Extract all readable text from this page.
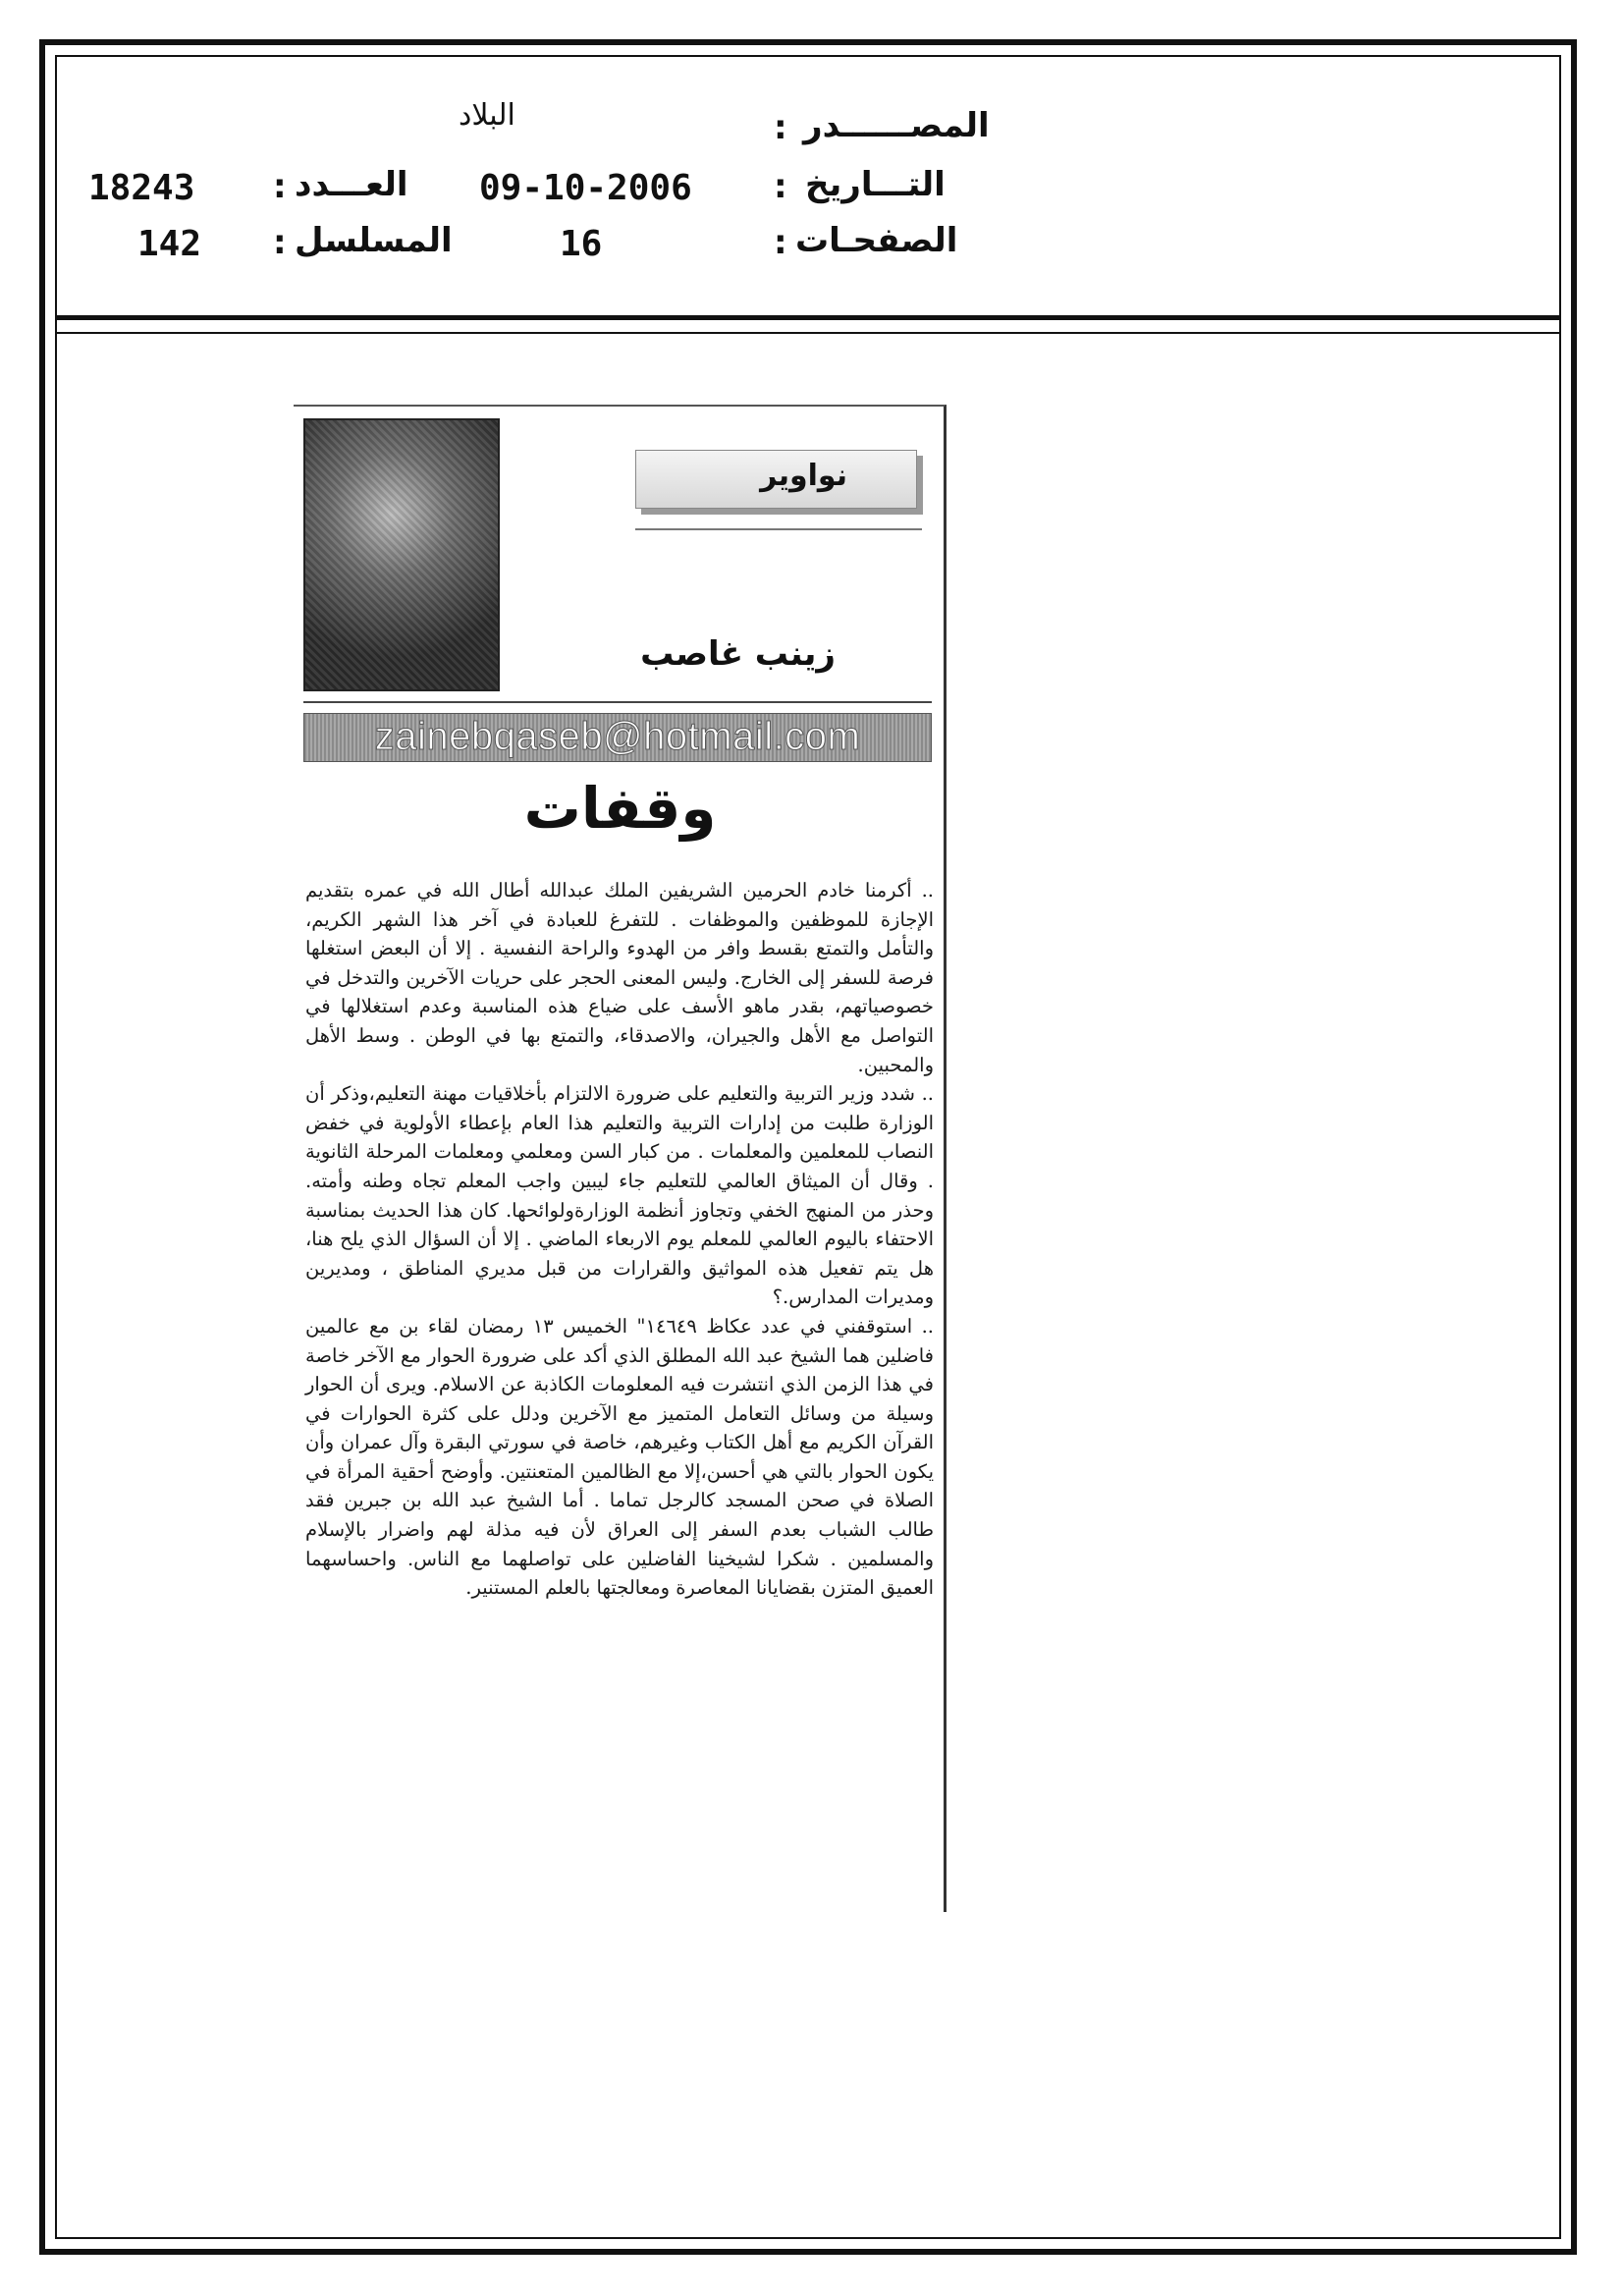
المصــــــدر
:
البلاد
التـــاريخ
:
09-10-2006
العـــدد
:
18243
الصفحـات
:
16
المسلسل
:
142
نواوير
زينب غاصب
zainebqaseb@hotmail.com
وقفات

.. أكرمنا خادم الحرمين الشريفين الملك عبدالله أطال الله في عمره بتقديم الإجازة للموظفين والموظفات . للتفرغ للعبادة في آخر هذا الشهر الكريم، والتأمل والتمتع بقسط وافر من الهدوء والراحة النفسية . إلا أن البعض استغلها فرصة للسفر إلى الخارج. وليس المعنى الحجر على حريات الآخرين والتدخل في خصوصياتهم، بقدر ماهو الأسف على ضياع هذه المناسبة وعدم استغلالها في التواصل مع الأهل والجيران، والاصدقاء، والتمتع بها في الوطن . وسط الأهل والمحبين.

.. شدد وزير التربية والتعليم على ضرورة الالتزام بأخلاقيات مهنة التعليم،وذكر أن الوزارة طلبت من إدارات التربية والتعليم هذا العام بإعطاء الأولوية في خفض النصاب للمعلمين والمعلمات . من كبار السن ومعلمي ومعلمات المرحلة الثانوية . وقال أن الميثاق العالمي للتعليم جاء ليبين واجب المعلم تجاه وطنه وأمته. وحذر من المنهج الخفي وتجاوز أنظمة الوزارةولوائحها. كان هذا الحديث بمناسبة الاحتفاء باليوم العالمي للمعلم يوم الاربعاء الماضي . إلا أن السؤال الذي يلح هنا، هل يتم تفعيل هذه المواثيق والقرارات من قبل مديري المناطق ، ومديرين ومديرات المدارس.؟

.. استوقفني في عدد عكاظ ١٤٦٤٩" الخميس ١٣ رمضان لقاء بن مع عالمين فاضلين هما الشيخ عبد الله المطلق الذي أكد على ضرورة الحوار مع الآخر خاصة في هذا الزمن الذي انتشرت فيه المعلومات الكاذبة عن الاسلام. ويرى أن الحوار وسيلة من وسائل التعامل المتميز مع الآخرين ودلل على كثرة الحوارات في القرآن الكريم مع أهل الكتاب وغيرهم، خاصة في سورتي البقرة وآل عمران وأن يكون الحوار بالتي هي أحسن،إلا مع الظالمين المتعنتين. وأوضح أحقية المرأة في الصلاة في صحن المسجد كالرجل تماما . أما الشيخ عبد الله بن جبرين فقد طالب الشباب بعدم السفر إلى العراق لأن فيه مذلة لهم واضرار بالإسلام والمسلمين . شكرا لشيخينا الفاضلين على تواصلهما مع الناس. واحساسهما العميق المتزن بقضايانا المعاصرة ومعالجتها بالعلم المستنير.
